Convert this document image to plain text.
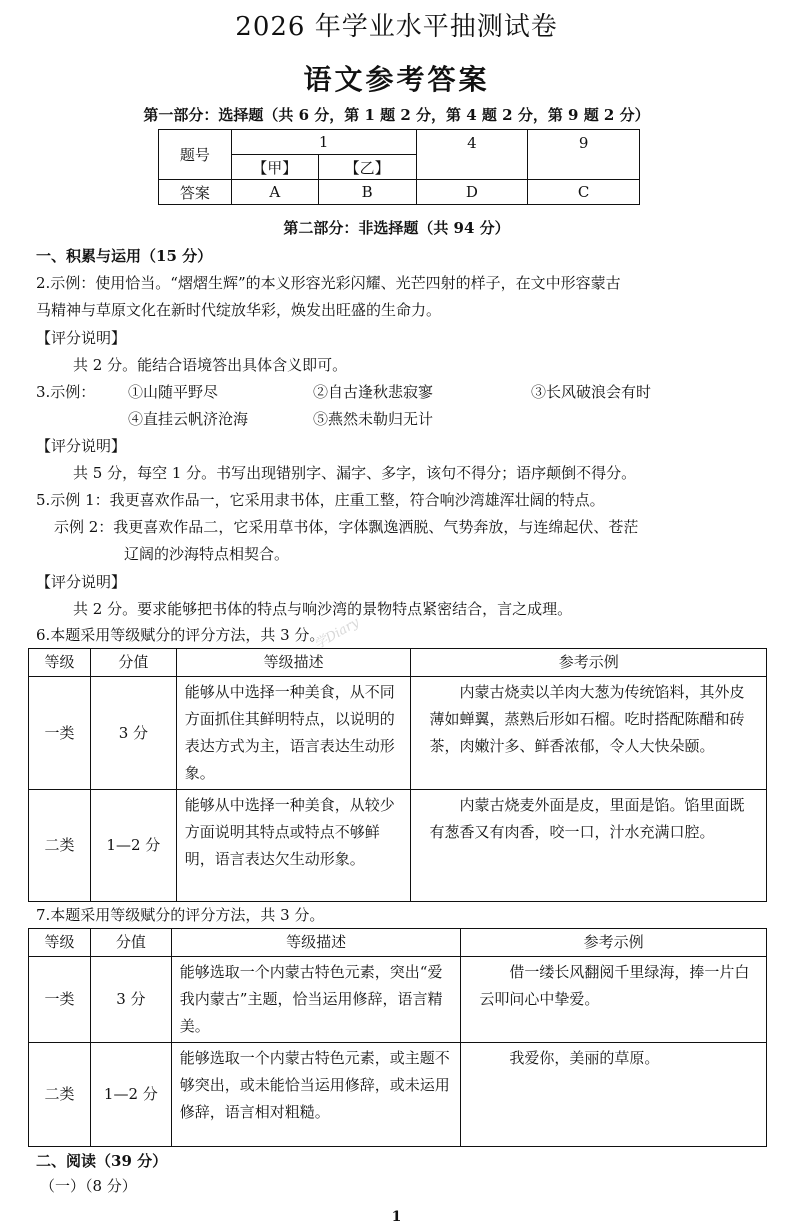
2026 年学业水平抽测试卷
语文参考答案
第一部分：选择题（共 6 分，第 1 题 2 分，第 4 题 2 分，第 9 题 2 分）
题号	1		4	9
	【甲】	【乙】		
答案	A	B	D	C
第二部分：非选择题（共 94 分）
一、积累与运用（15 分）
2.示例：使用恰当。“熠熠生辉”的本义形容光彩闪耀、光芒四射的样子，在文中形容蒙古
马精神与草原文化在新时代绽放华彩，焕发出旺盛的生命力。
【评分说明】
共 2 分。能结合语境答出具体含义即可。
3.示例： ①山随平野尽	②自古逢秋悲寂寥	③长风破浪会有时
④直挂云帆济沧海	⑤燕然未勒归无计
【评分说明】
共 5 分，每空 1 分。书写出现错别字、漏字、多字，该句不得分；语序颠倒不得分。
5.示例 1：我更喜欢作品一，它采用隶书体，庄重工整，符合响沙湾雄浑壮阔的特点。
示例 2：我更喜欢作品二，它采用草书体，字体飘逸洒脱、气势奔放，与连绵起伏、苍茫
辽阔的沙海特点相契合。
【评分说明】
共 2 分。要求能够把书体的特点与响沙湾的景物特点紧密结合，言之成理。
学Diary
6.本题采用等级赋分的评分方法，共 3 分。
等级	分值	等级描述	参考示例
一类	3 分	能够从中选择一种美食，从不同方面抓住其鲜明特点，以说明的表达方式为主，语言表达生动形象。	内蒙古烧卖以羊肉大葱为传统馅料，其外皮薄如蝉翼，蒸熟后形如石榴。吃时搭配陈醋和砖茶，肉嫩汁多、鲜香浓郁，令人大快朵颐。
二类	1—2 分	能够从中选择一种美食，从较少方面说明其特点或特点不够鲜明，语言表达欠生动形象。	内蒙古烧麦外面是皮，里面是馅。馅里面既有葱香又有肉香，咬一口，汁水充满口腔。
7.本题采用等级赋分的评分方法，共 3 分。
等级	分值	等级描述	参考示例
一类	3 分	能够选取一个内蒙古特色元素，突出“爱我内蒙古”主题，恰当运用修辞，语言精美。	借一缕长风翻阅千里绿海，捧一片白云叩问心中挚爱。
二类	1—2 分	能够选取一个内蒙古特色元素，或主题不够突出，或未能恰当运用修辞，或未运用修辞，语言相对粗糙。	我爱你，美丽的草原。
二、阅读（39 分）
（一）（8 分）
1
